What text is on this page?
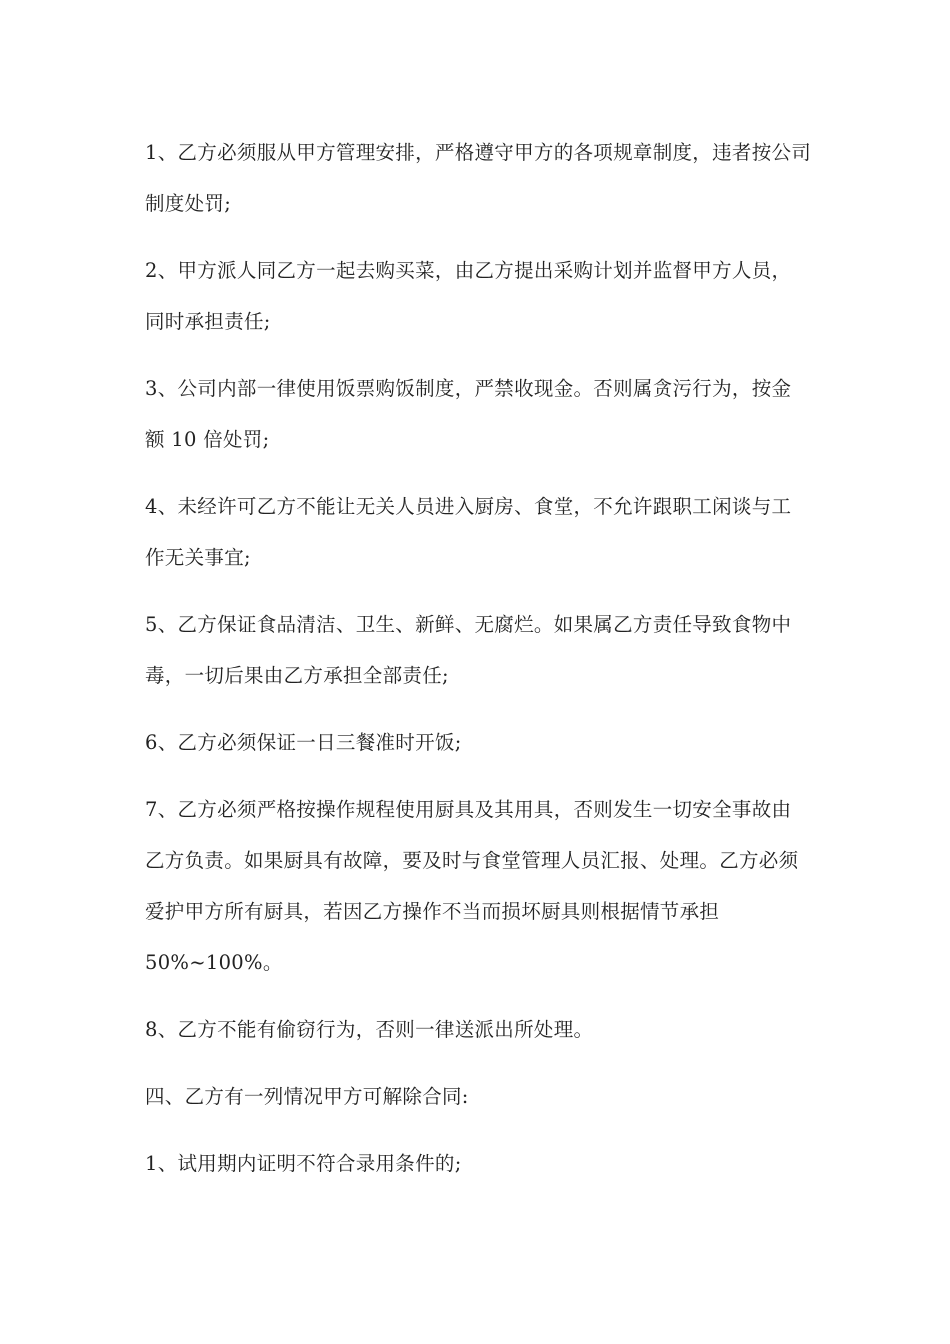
1、乙方必须服从甲方管理安排，严格遵守甲方的各项规章制度，违者按公司
制度处罚;

2、甲方派人同乙方一起去购买菜，由乙方提出采购计划并监督甲方人员，
同时承担责任;

3、公司内部一律使用饭票购饭制度，严禁收现金。否则属贪污行为，按金
额 10 倍处罚;

4、未经许可乙方不能让无关人员进入厨房、食堂，不允许跟职工闲谈与工
作无关事宜;

5、乙方保证食品清洁、卫生、新鲜、无腐烂。如果属乙方责任导致食物中
毒，一切后果由乙方承担全部责任;

6、乙方必须保证一日三餐准时开饭;

7、乙方必须严格按操作规程使用厨具及其用具，否则发生一切安全事故由
乙方负责。如果厨具有故障，要及时与食堂管理人员汇报、处理。乙方必须
爱护甲方所有厨具，若因乙方操作不当而损坏厨具则根据情节承担
50%~100%。

8、乙方不能有偷窃行为，否则一律送派出所处理。

四、乙方有一列情况甲方可解除合同:

1、试用期内证明不符合录用条件的;
